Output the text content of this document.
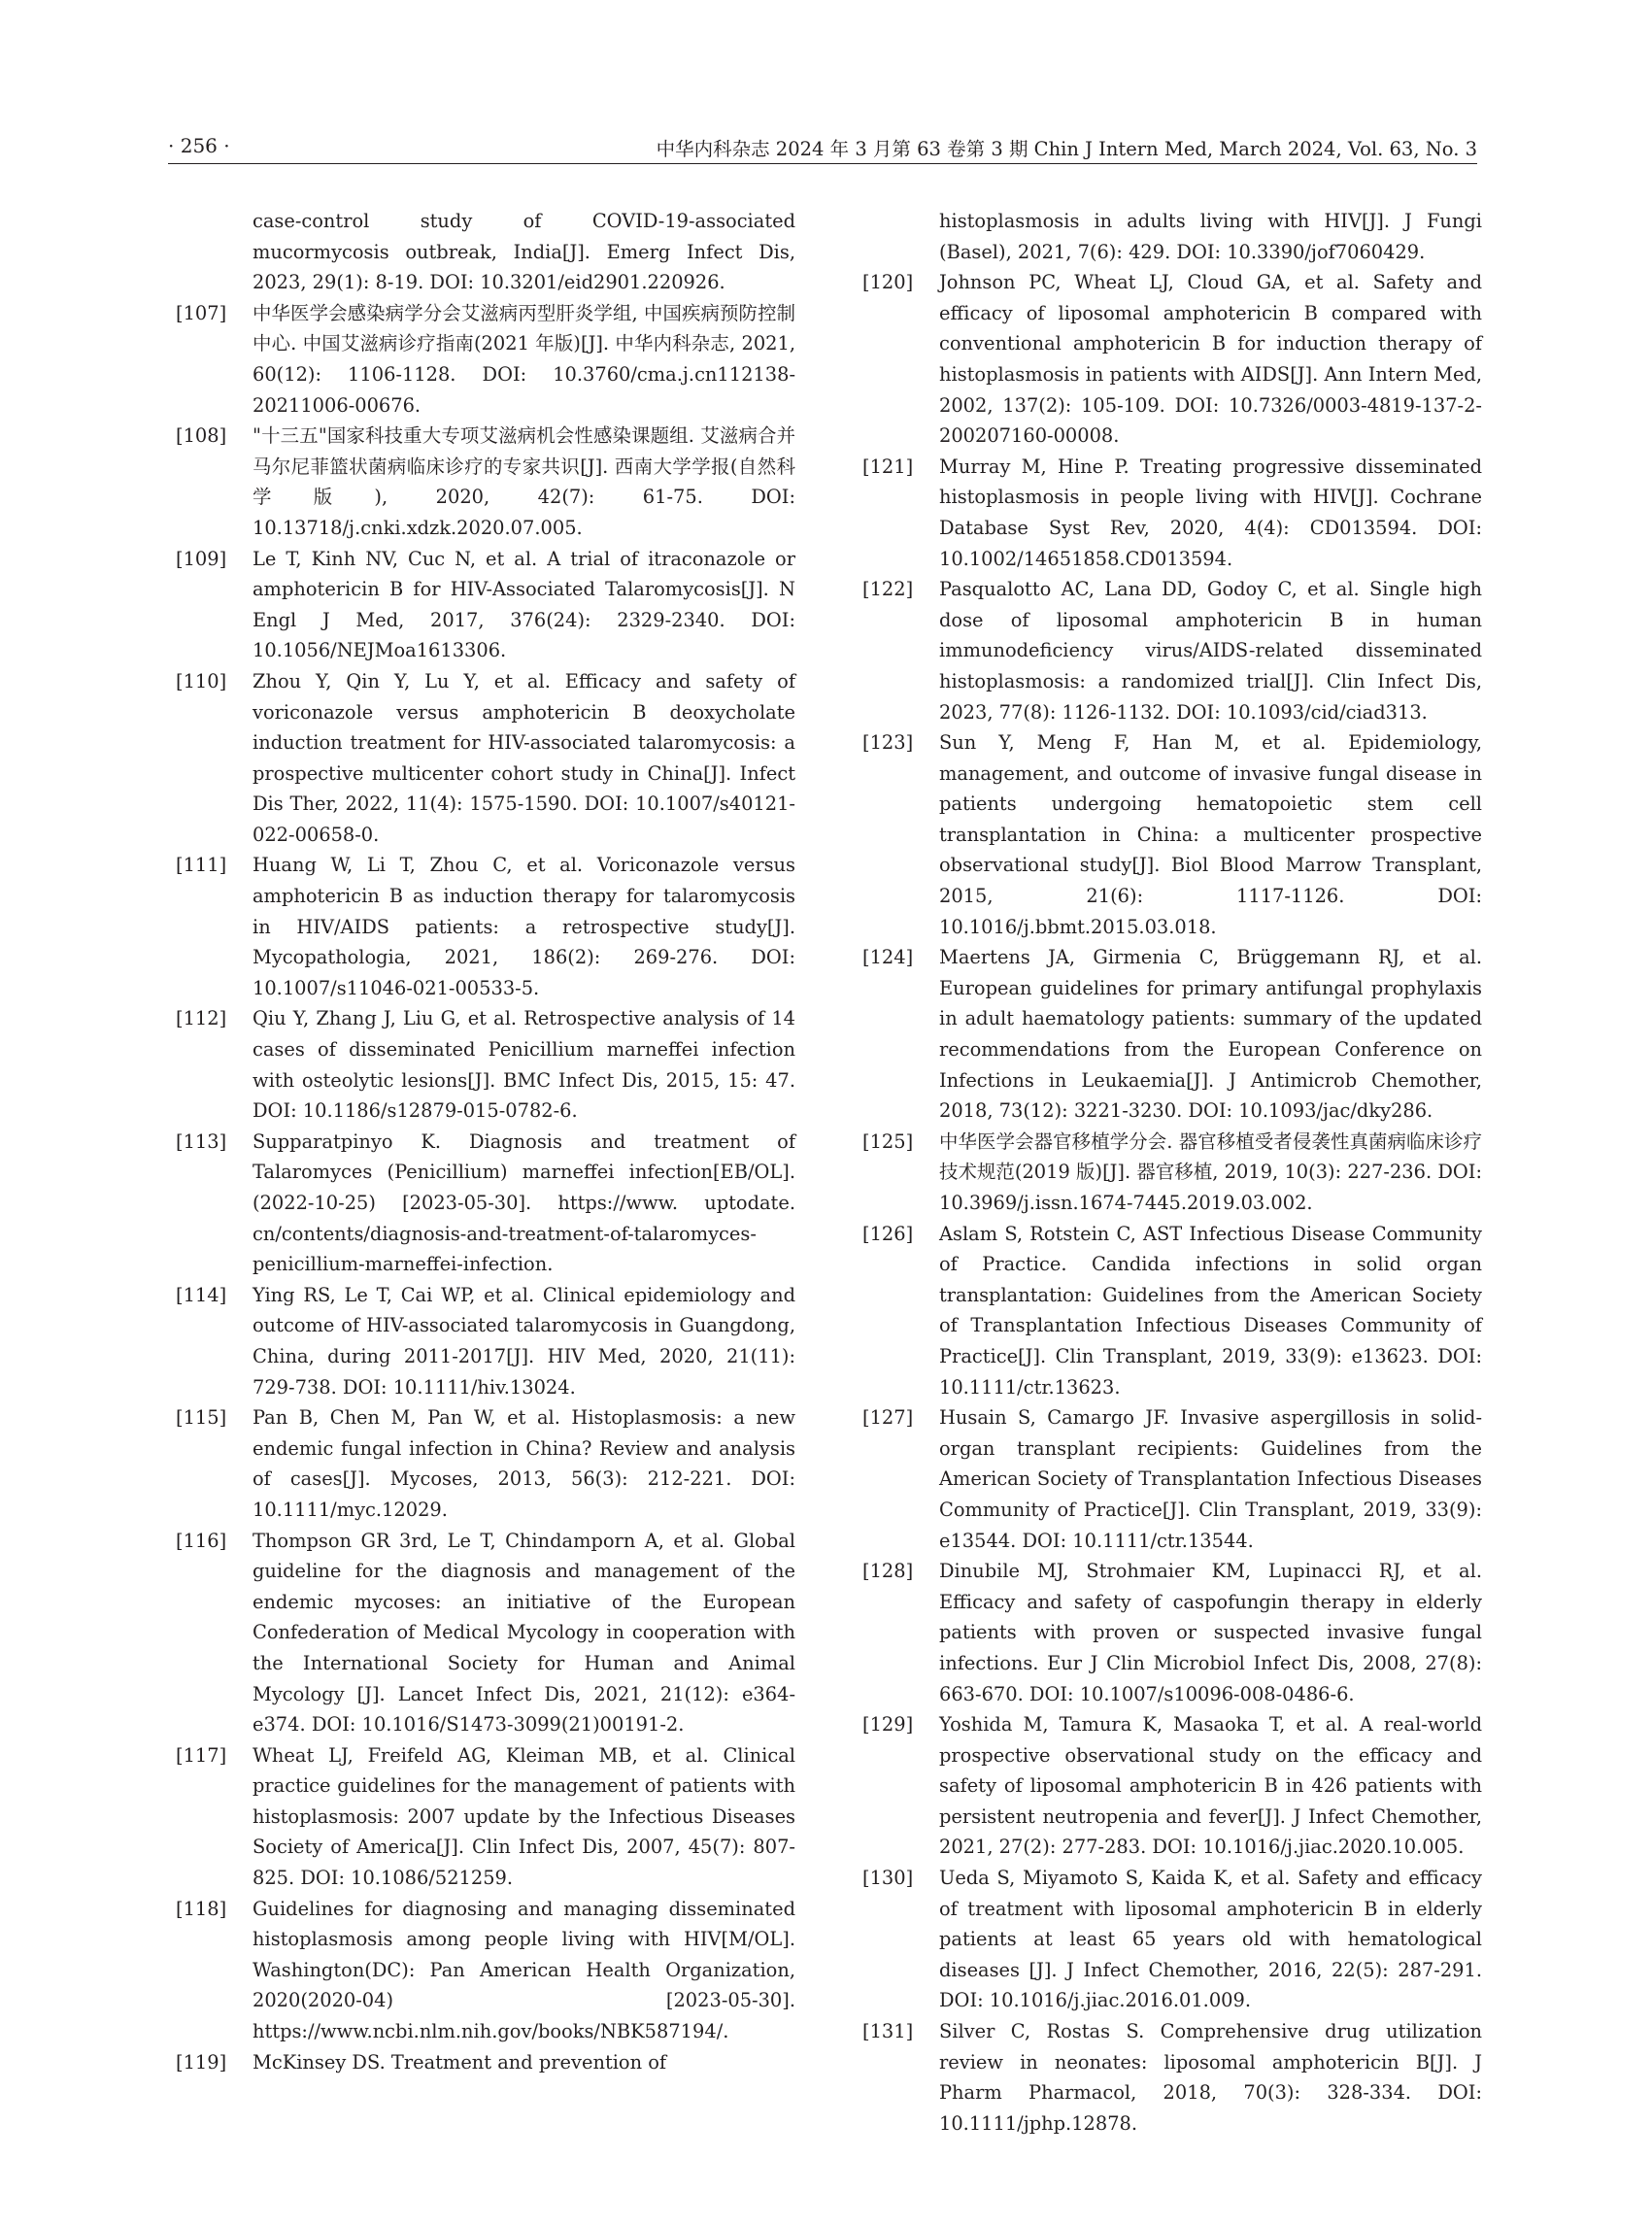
· 256 ·	中华内科杂志 2024 年 3 月第 63 卷第 3 期 Chin J Intern Med, March 2024, Vol. 63, No. 3
case-control study of COVID-19-associated mucormycosis outbreak, India[J]. Emerg Infect Dis, 2023, 29(1): 8-19. DOI: 10.3201/eid2901.220926.
[107]	中华医学会感染病学分会艾滋病丙型肝炎学组, 中国疾病预防控制中心. 中国艾滋病诊疗指南(2021 年版)[J]. 中华内科杂志, 2021, 60(12): 1106-1128. DOI: 10.3760/cma.j.cn112138-20211006-00676.
[108]	"十三五"国家科技重大专项艾滋病机会性感染课题组. 艾滋病合并马尔尼菲篮状菌病临床诊疗的专家共识[J]. 西南大学学报(自然科学版), 2020, 42(7): 61-75. DOI: 10.13718/j.cnki.xdzk.2020.07.005.
[109]	Le T, Kinh NV, Cuc N, et al. A trial of itraconazole or amphotericin B for HIV-Associated Talaromycosis[J]. N Engl J Med, 2017, 376(24): 2329-2340. DOI: 10.1056/NEJMoa1613306.
[110]	Zhou Y, Qin Y, Lu Y, et al. Efficacy and safety of voriconazole versus amphotericin B deoxycholate induction treatment for HIV-associated talaromycosis: a prospective multicenter cohort study in China[J]. Infect Dis Ther, 2022, 11(4): 1575-1590. DOI: 10.1007/s40121-022-00658-0.
[111]	Huang W, Li T, Zhou C, et al. Voriconazole versus amphotericin B as induction therapy for talaromycosis in HIV/AIDS patients: a retrospective study[J]. Mycopathologia, 2021, 186(2): 269-276. DOI: 10.1007/s11046-021-00533-5.
[112]	Qiu Y, Zhang J, Liu G, et al. Retrospective analysis of 14 cases of disseminated Penicillium marneffei infection with osteolytic lesions[J]. BMC Infect Dis, 2015, 15: 47. DOI: 10.1186/s12879-015-0782-6.
[113]	Supparatpinyo K. Diagnosis and treatment of Talaromyces (Penicillium) marneffei infection[EB/OL]. (2022-10-25) [2023-05-30]. https://www. uptodate. cn/contents/diagnosis-and-treatment-of-talaromyces-penicillium-marneffei-infection.
[114]	Ying RS, Le T, Cai WP, et al. Clinical epidemiology and outcome of HIV-associated talaromycosis in Guangdong, China, during 2011-2017[J]. HIV Med, 2020, 21(11): 729-738. DOI: 10.1111/hiv.13024.
[115]	Pan B, Chen M, Pan W, et al. Histoplasmosis: a new endemic fungal infection in China? Review and analysis of cases[J]. Mycoses, 2013, 56(3): 212-221. DOI: 10.1111/myc.12029.
[116]	Thompson GR 3rd, Le T, Chindamporn A, et al. Global guideline for the diagnosis and management of the endemic mycoses: an initiative of the European Confederation of Medical Mycology in cooperation with the International Society for Human and Animal Mycology [J]. Lancet Infect Dis, 2021, 21(12): e364-e374. DOI: 10.1016/S1473-3099(21)00191-2.
[117]	Wheat LJ, Freifeld AG, Kleiman MB, et al. Clinical practice guidelines for the management of patients with histoplasmosis: 2007 update by the Infectious Diseases Society of America[J]. Clin Infect Dis, 2007, 45(7): 807-825. DOI: 10.1086/521259.
[118]	Guidelines for diagnosing and managing disseminated histoplasmosis among people living with HIV[M/OL]. Washington(DC): Pan American Health Organization, 2020(2020-04) [2023-05-30]. https://www.ncbi.nlm.nih.gov/books/NBK587194/.
[119]	McKinsey DS. Treatment and prevention of
histoplasmosis in adults living with HIV[J]. J Fungi (Basel), 2021, 7(6): 429. DOI: 10.3390/jof7060429.
[120]	Johnson PC, Wheat LJ, Cloud GA, et al. Safety and efficacy of liposomal amphotericin B compared with conventional amphotericin B for induction therapy of histoplasmosis in patients with AIDS[J]. Ann Intern Med, 2002, 137(2): 105-109. DOI: 10.7326/0003-4819-137-2-200207160-00008.
[121]	Murray M, Hine P. Treating progressive disseminated histoplasmosis in people living with HIV[J]. Cochrane Database Syst Rev, 2020, 4(4): CD013594. DOI: 10.1002/14651858.CD013594.
[122]	Pasqualotto AC, Lana DD, Godoy C, et al. Single high dose of liposomal amphotericin B in human immunodeficiency virus/AIDS-related disseminated histoplasmosis: a randomized trial[J]. Clin Infect Dis, 2023, 77(8): 1126-1132. DOI: 10.1093/cid/ciad313.
[123]	Sun Y, Meng F, Han M, et al. Epidemiology, management, and outcome of invasive fungal disease in patients undergoing hematopoietic stem cell transplantation in China: a multicenter prospective observational study[J]. Biol Blood Marrow Transplant, 2015, 21(6): 1117-1126. DOI: 10.1016/j.bbmt.2015.03.018.
[124]	Maertens JA, Girmenia C, Brüggemann RJ, et al. European guidelines for primary antifungal prophylaxis in adult haematology patients: summary of the updated recommendations from the European Conference on Infections in Leukaemia[J]. J Antimicrob Chemother, 2018, 73(12): 3221-3230. DOI: 10.1093/jac/dky286.
[125]	中华医学会器官移植学分会. 器官移植受者侵袭性真菌病临床诊疗技术规范(2019 版)[J]. 器官移植, 2019, 10(3): 227-236. DOI: 10.3969/j.issn.1674-7445.2019.03.002.
[126]	Aslam S, Rotstein C, AST Infectious Disease Community of Practice. Candida infections in solid organ transplantation: Guidelines from the American Society of Transplantation Infectious Diseases Community of Practice[J]. Clin Transplant, 2019, 33(9): e13623. DOI: 10.1111/ctr.13623.
[127]	Husain S, Camargo JF. Invasive aspergillosis in solid-organ transplant recipients: Guidelines from the American Society of Transplantation Infectious Diseases Community of Practice[J]. Clin Transplant, 2019, 33(9): e13544. DOI: 10.1111/ctr.13544.
[128]	Dinubile MJ, Strohmaier KM, Lupinacci RJ, et al. Efficacy and safety of caspofungin therapy in elderly patients with proven or suspected invasive fungal infections. Eur J Clin Microbiol Infect Dis, 2008, 27(8): 663-670. DOI: 10.1007/s10096-008-0486-6.
[129]	Yoshida M, Tamura K, Masaoka T, et al. A real-world prospective observational study on the efficacy and safety of liposomal amphotericin B in 426 patients with persistent neutropenia and fever[J]. J Infect Chemother, 2021, 27(2): 277-283. DOI: 10.1016/j.jiac.2020.10.005.
[130]	Ueda S, Miyamoto S, Kaida K, et al. Safety and efficacy of treatment with liposomal amphotericin B in elderly patients at least 65 years old with hematological diseases [J]. J Infect Chemother, 2016, 22(5): 287-291. DOI: 10.1016/j.jiac.2016.01.009.
[131]	Silver C, Rostas S. Comprehensive drug utilization review in neonates: liposomal amphotericin B[J]. J Pharm Pharmacol, 2018, 70(3): 328-334. DOI: 10.1111/jphp.12878.
